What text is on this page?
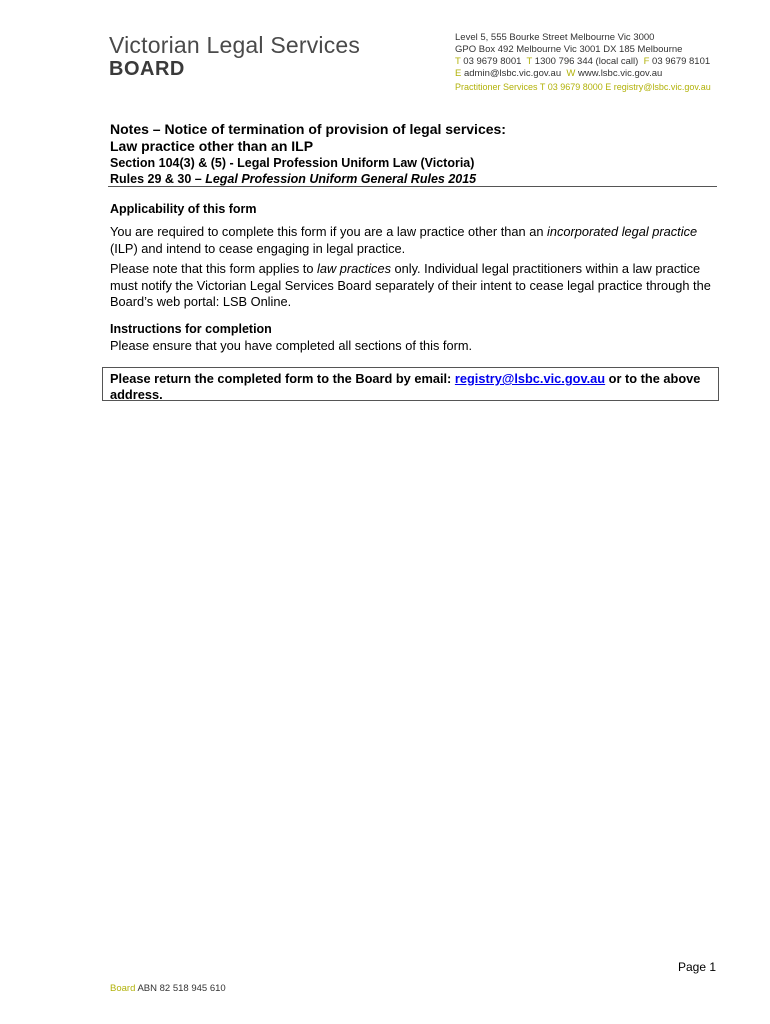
Victorian Legal Services
BOARD
Level 5, 555 Bourke Street Melbourne Vic 3000
GPO Box 492 Melbourne Vic 3001 DX 185 Melbourne
T 03 9679 8001 T 1300 796 344 (local call) F 03 9679 8101
E admin@lsbc.vic.gov.au W www.lsbc.vic.gov.au
Practitioner Services T 03 9679 8000 E registry@lsbc.vic.gov.au
Notes – Notice of termination of provision of legal services:
Law practice other than an ILP
Section 104(3) & (5) - Legal Profession Uniform Law (Victoria)
Rules 29 & 30 – Legal Profession Uniform General Rules 2015
Applicability of this form
You are required to complete this form if you are a law practice other than an incorporated legal practice (ILP) and intend to cease engaging in legal practice.
Please note that this form applies to law practices only. Individual legal practitioners within a law practice must notify the Victorian Legal Services Board separately of their intent to cease legal practice through the Board’s web portal: LSB Online.
Instructions for completion
Please ensure that you have completed all sections of this form.
Please return the completed form to the Board by email: registry@lsbc.vic.gov.au or to the above address.
Page 1
Board ABN 82 518 945 610
